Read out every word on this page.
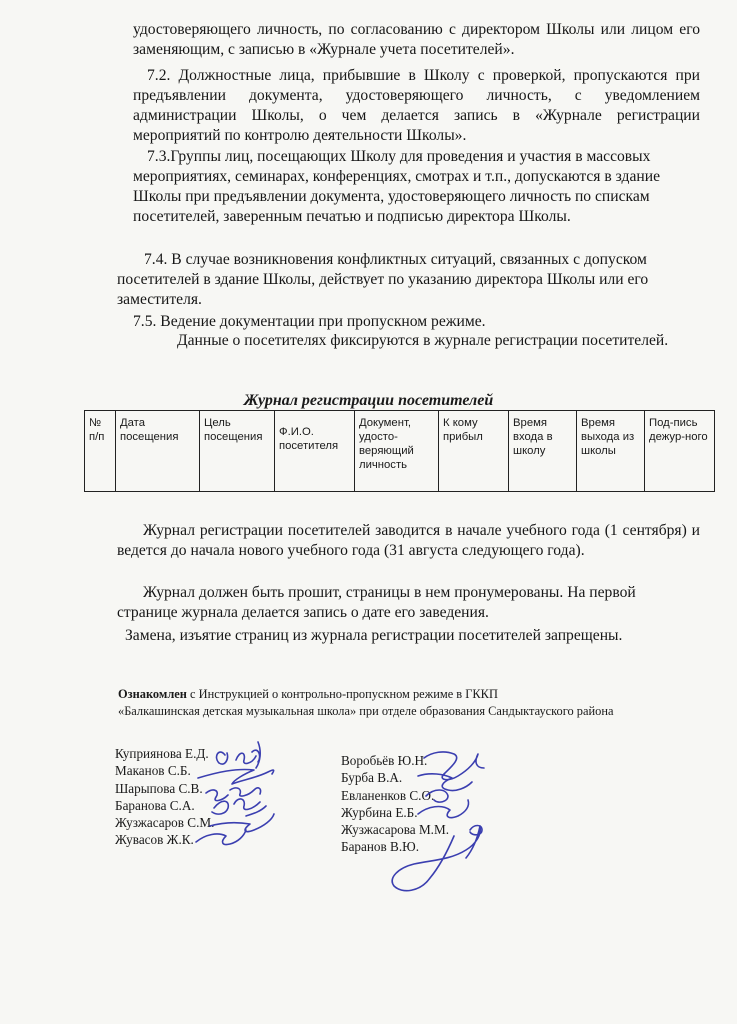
удостоверяющего личность, по согласованию с директором Школы или лицом его заменяющим, с записью в «Журнале учета посетителей».

7.2. Должностные лица, прибывшие в Школу с проверкой, пропускаются при предъявлении документа, удостоверяющего личность, с уведомлением администрации Школы, о чем делается запись в «Журнале регистрации мероприятий по контролю деятельности Школы».

7.3.Группы лиц, посещающих Школу для проведения и участия в массовых мероприятиях, семинарах, конференциях, смотрах и т.п., допускаются в здание Школы при предъявлении документа, удостоверяющего личность по спискам посетителей, заверенным печатью и подписью директора Школы.

7.4. В случае возникновения конфликтных ситуаций, связанных с допуском посетителей в здание Школы, действует по указанию директора Школы или его заместителя.

7.5. Ведение документации при пропускном режиме.

Данные о посетителях фиксируются в журнале регистрации посетителей.

Журнал регистрации посетителей
№ п/п	Дата посещения	Цель посещения	Ф.И.О. посетителя	Документ, удосто-веряющий личность	К кому прибыл	Время входа в школу	Время выхода из школы	Под-пись дежур-ного

Журнал регистрации посетителей заводится в начале учебного года (1 сентября) и ведется до начала нового учебного года (31 августа следующего года).

Журнал должен быть прошит, страницы в нем пронумерованы. На первой странице журнала делается запись о дате его заведения.

Замена, изъятие страниц из журнала регистрации посетителей запрещены.

Ознакомлен с Инструкцией о контрольно-пропускном режиме в ГККП

«Балкашинская детская музыкальная школа» при отделе образования Сандыктауского района

Куприянова Е.Д.
Маканов С.Б.
Шарыпова С.В.
Баранова С.А.
Жузжасаров С.М.
Жувасов Ж.К.
Воробьёв Ю.Н.
Бурба В.А.
Евланенков С.О.
Журбина Е.Б.
Жузжасарова М.М.
Баранов В.Ю.
